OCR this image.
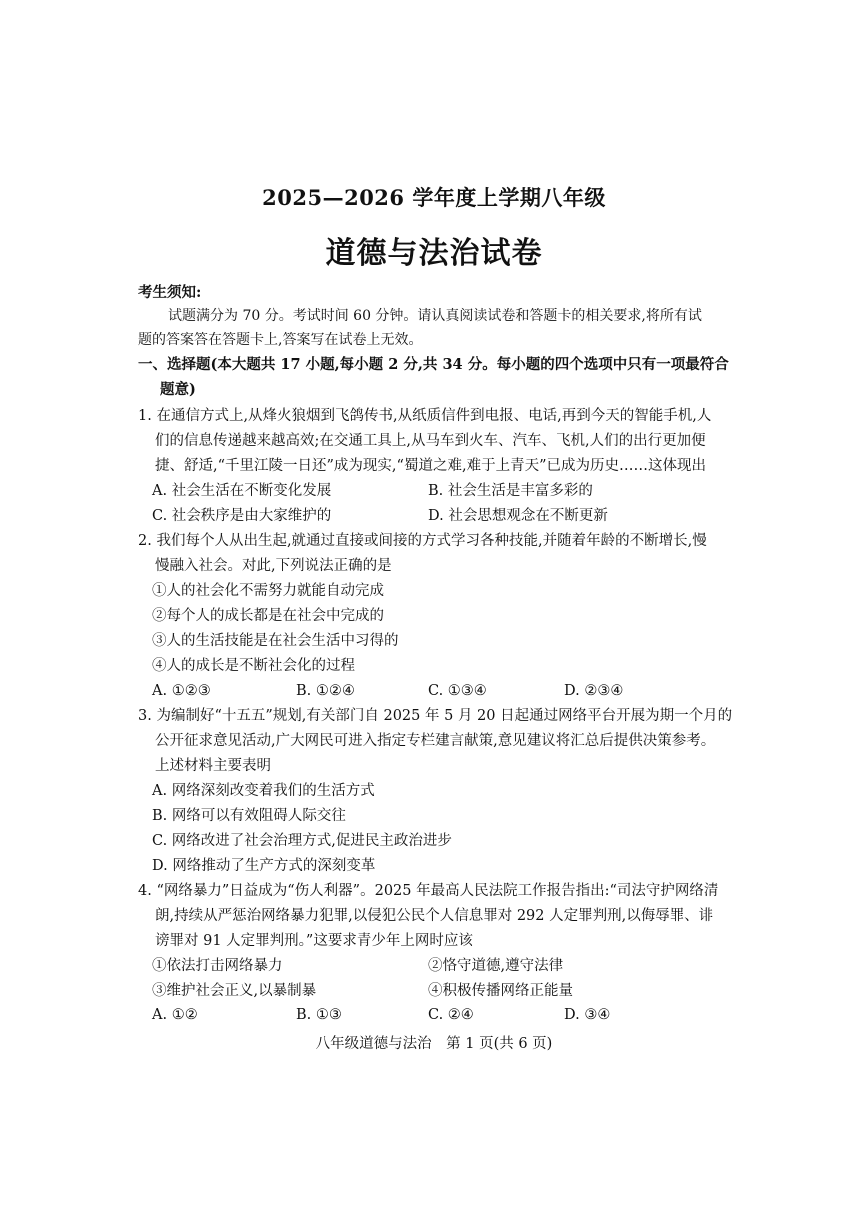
2025—2026 学年度上学期八年级
道德与法治试卷
考生须知:
试题满分为 70 分。考试时间 60 分钟。请认真阅读试卷和答题卡的相关要求,将所有试
题的答案答在答题卡上,答案写在试卷上无效。
一、选择题(本大题共 17 小题,每小题 2 分,共 34 分。每小题的四个选项中只有一项最符合
题意)
1. 在通信方式上,从烽火狼烟到飞鸽传书,从纸质信件到电报、电话,再到今天的智能手机,人
们的信息传递越来越高效;在交通工具上,从马车到火车、汽车、飞机,人们的出行更加便
捷、舒适,“千里江陵一日还”成为现实,“蜀道之难,难于上青天”已成为历史……这体现出
A. 社会生活在不断变化发展	B. 社会生活是丰富多彩的
C. 社会秩序是由大家维护的	D. 社会思想观念在不断更新
2. 我们每个人从出生起,就通过直接或间接的方式学习各种技能,并随着年龄的不断增长,慢
慢融入社会。对此,下列说法正确的是
①人的社会化不需努力就能自动完成
②每个人的成长都是在社会中完成的
③人的生活技能是在社会生活中习得的
④人的成长是不断社会化的过程
A. ①②③	B. ①②④	C. ①③④	D. ②③④
3. 为编制好“十五五”规划,有关部门自 2025 年 5 月 20 日起通过网络平台开展为期一个月的
公开征求意见活动,广大网民可进入指定专栏建言献策,意见建议将汇总后提供决策参考。
上述材料主要表明
A. 网络深刻改变着我们的生活方式
B. 网络可以有效阻碍人际交往
C. 网络改进了社会治理方式,促进民主政治进步
D. 网络推动了生产方式的深刻变革
4. “网络暴力”日益成为“伤人利器”。2025 年最高人民法院工作报告指出:“司法守护网络清
朗,持续从严惩治网络暴力犯罪,以侵犯公民个人信息罪对 292 人定罪判刑,以侮辱罪、诽
谤罪对 91 人定罪判刑。”这要求青少年上网时应该
①依法打击网络暴力	②恪守道德,遵守法律
③维护社会正义,以暴制暴	④积极传播网络正能量
A. ①②	B. ①③	C. ②④	D. ③④
八年级道德与法治　第 1 页(共 6 页)
